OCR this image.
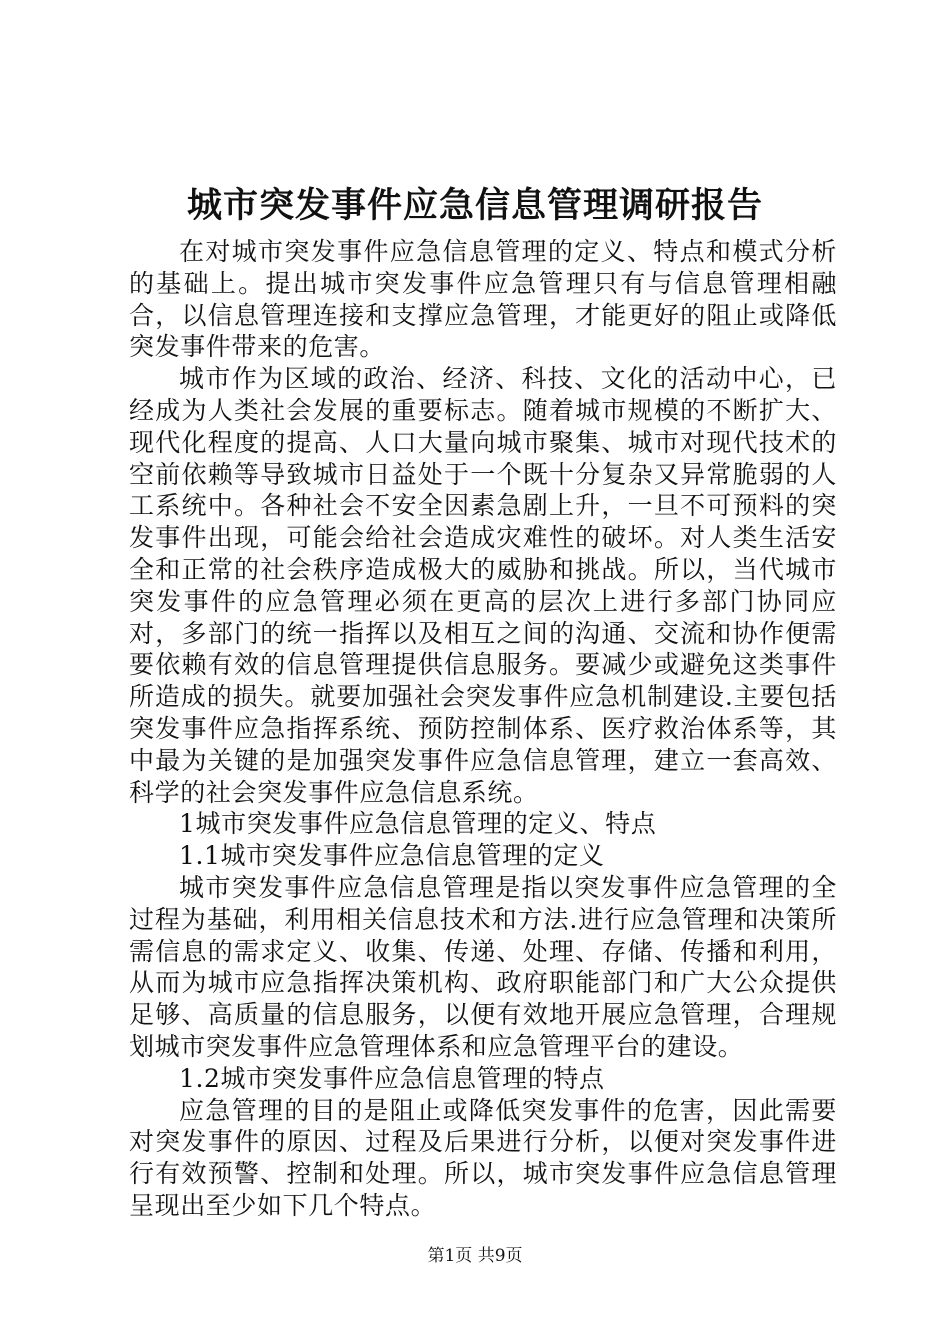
城市突发事件应急信息管理调研报告

在对城市突发事件应急信息管理的定义、特点和模式分析的基础上。提出城市突发事件应急管理只有与信息管理相融合，以信息管理连接和支撑应急管理，才能更好的阻止或降低突发事件带来的危害。

城市作为区域的政治、经济、科技、文化的活动中心，已经成为人类社会发展的重要标志。随着城市规模的不断扩大、现代化程度的提高、人口大量向城市聚集、城市对现代技术的空前依赖等导致城市日益处于一个既十分复杂又异常脆弱的人工系统中。各种社会不安全因素急剧上升，一旦不可预料的突发事件出现，可能会给社会造成灾难性的破坏。对人类生活安全和正常的社会秩序造成极大的威胁和挑战。所以，当代城市突发事件的应急管理必须在更高的层次上进行多部门协同应对，多部门的统一指挥以及相互之间的沟通、交流和协作便需要依赖有效的信息管理提供信息服务。要减少或避免这类事件所造成的损失。就要加强社会突发事件应急机制建设.主要包括突发事件应急指挥系统、预防控制体系、医疗救治体系等，其中最为关键的是加强突发事件应急信息管理，建立一套高效、科学的社会突发事件应急信息系统。

1城市突发事件应急信息管理的定义、特点

1.1城市突发事件应急信息管理的定义

城市突发事件应急信息管理是指以突发事件应急管理的全过程为基础，利用相关信息技术和方法.进行应急管理和决策所需信息的需求定义、收集、传递、处理、存储、传播和利用，从而为城市应急指挥决策机构、政府职能部门和广大公众提供足够、高质量的信息服务，以便有效地开展应急管理，合理规划城市突发事件应急管理体系和应急管理平台的建设。

1.2城市突发事件应急信息管理的特点

应急管理的目的是阻止或降低突发事件的危害，因此需要对突发事件的原因、过程及后果进行分析，以便对突发事件进行有效预警、控制和处理。所以，城市突发事件应急信息管理呈现出至少如下几个特点。

第1页 共9页
